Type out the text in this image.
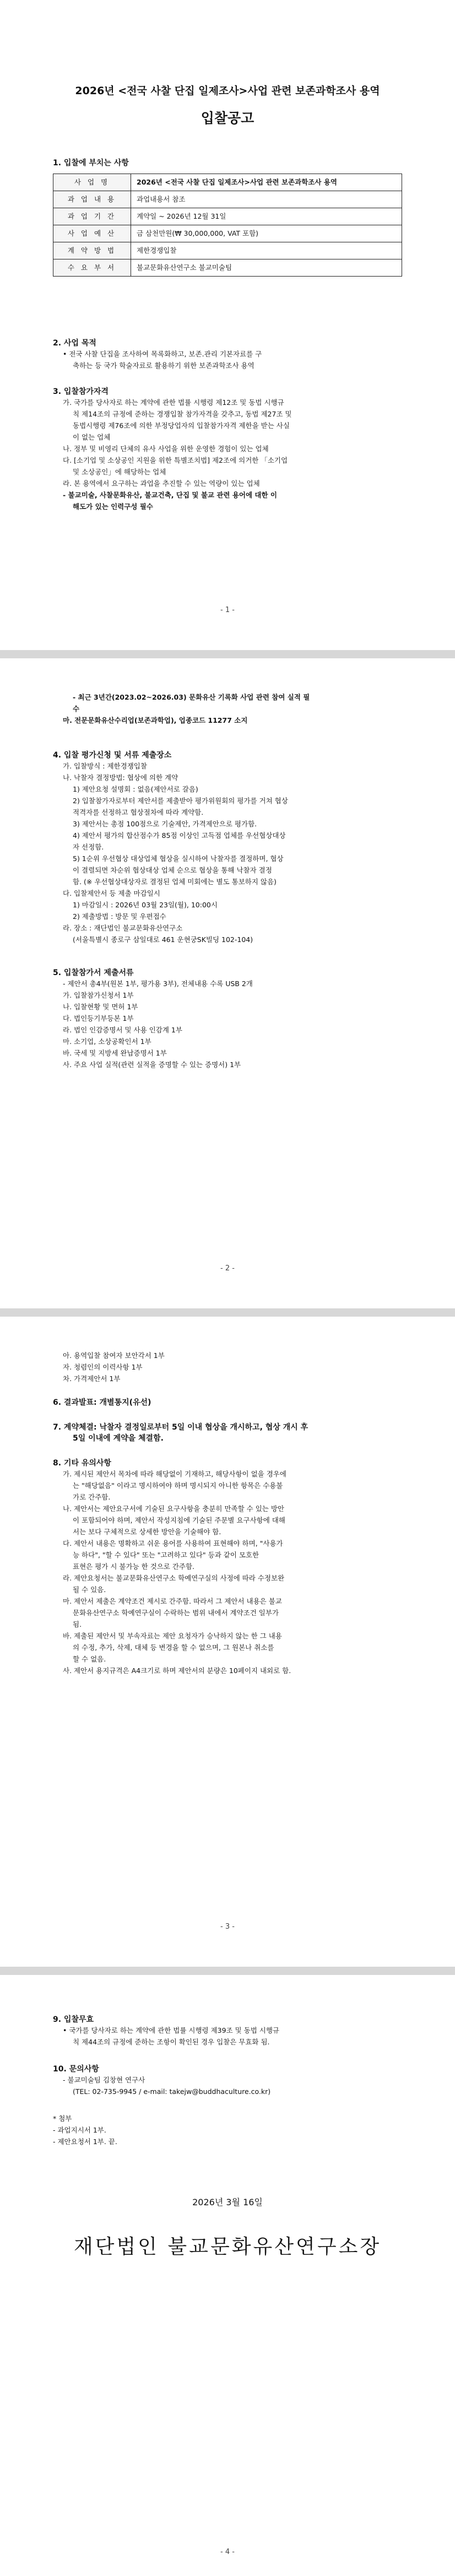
2026년 <전국 사찰 단집 일제조사>사업 관련 보존과학조사 용역
입찰공고

1. 입찰에 부치는 사항

사 업 명	2026년 <전국 사찰 단집 일제조사>사업 관련 보존과학조사 용역
과 업 내 용	과업내용서 참조
과 업 기 간	계약일 ~ 2026년 12월 31일
사 업 예 산	금 삼천만원(₩ 30,000,000, VAT 포함)
계 약 방 법	제한경쟁입찰
수 요 부 서	불교문화유산연구소 불교미술팀

2. 사업 목적

• 전국 사찰 단집을 조사하여 목록화하고, 보존․관리 기본자료를 구

축하는 등 국가 학술자료로 활용하기 위한 보존과학조사 용역

3. 입찰참가자격

가. 국가를 당사자로 하는 계약에 관한 법률 시행령 제12조 및 동법 시행규

칙 제14조의 규정에 준하는 경쟁입찰 참가자격을 갖추고, 동법 제27조 및

동법시행령 제76조에 의한 부정당업자의 입찰참가자격 제한을 받는 사실

이 없는 업체

나. 정부 및 비영리 단체의 유사 사업을 위한 운영한 경험이 있는 업체

다. [소기업 및 소상공인 지원을 위한 특별조치법] 제2조에 의거한 「소기업

및 소상공인」에 해당하는 업체

라. 본 용역에서 요구하는 과업을 추진할 수 있는 역량이 있는 업체

- 불교미술, 사찰문화유산, 불교건축, 단집 및 불교 관련 용어에 대한 이

해도가 있는 인력구성 필수

- 1 -

- 최근 3년간(2023.02~2026.03) 문화유산 기록화 사업 관련 참여 실적 필

수

마. 전문문화유산수리업(보존과학업), 업종코드 11277 소지

4. 입찰 평가신청 및 서류 제출장소

가. 입찰방식 : 제한경쟁입찰

나. 낙찰자 결정방법: 협상에 의한 계약

1) 제안요청 설명회 : 없음(제안서로 갈음)

2) 입찰참가자로부터 제안서를 제출받아 평가위원회의 평가를 거쳐 협상

적격자를 선정하고 협상절차에 따라 계약함.

3) 제안서는 총점 100점으로 기술제안, 가격제안으로 평가함.

4) 제안서 평가의 합산점수가 85점 이상인 고득점 업체를 우선협상대상

자 선정함.

5) 1순위 우선협상 대상업체 협상을 실시하여 낙찰자를 결정하며, 협상

이 결렬되면 차순위 협상대상 업체 순으로 협상을 통해 낙찰자 결정

함. (※ 우선협상대상자로 결정된 업체 미회에는 별도 통보하지 않음)

다. 입찰제안서 등 제출 마감일시

1) 마감일시 : 2026년 03월 23일(월), 10:00시

2) 제출방법 : 방문 및 우편접수

라. 장소 : 재단법인 불교문화유산연구소

(서울특별시 종로구 삼일대로 461 운현궁SK빌딩 102-104)

5. 입찰참가서 제출서류

- 제안서 총4부(원본 1부, 평가용 3부), 전체내용 수록 USB 2개

가. 입찰참가신청서 1부

나. 입찰현황 및 면허 1부

다. 법인등기부등본 1부

라. 법인 인감증명서 및 사용 인감계 1부

마. 소기업, 소상공확인서 1부

바. 국세 및 지방세 완납증명서 1부

사. 주요 사업 실적(관련 실적을 증명할 수 있는 증명서) 1부

- 2 -

아. 용역입찰 참여자 보안각서 1부

자. 청렴인의 이력사항 1부

차. 가격제안서 1부

6. 결과발표: 개별통지(유선)

7. 계약체결: 낙찰자 결정일로부터 5일 이내 협상을 개시하고, 협상 개시 후

5일 이내에 계약을 체결함.

8. 기타 유의사항

가. 제시된 제안서 목차에 따라 해당없이 기재하고, 해당사항이 없을 경우에

는 "해당없음" 이라고 명시하여야 하며 명시되지 아니한 항목은 수용불

가로 간주함.

나. 제안서는 제안요구서에 기술된 요구사항을 충분히 만족할 수 있는 방안

이 포함되어야 하며, 제안서 작성지침에 기술된 주문별 요구사항에 대해

서는 보다 구체적으로 상세한 방안을 기술해야 함.

다. 제안서 내용은 명확하고 쉬운 용어를 사용하여 표현해야 하며, "사용가

능 하다", "할 수 있다" 또는 "고려하고 있다" 등과 같이 모호한

표현은 평가 시 불가능 한 것으로 간주함.

라. 제안요청서는 불교문화유산연구소 학예연구실의 사정에 따라 수정보완

될 수 있음.

마. 제안서 제출은 계약조건 제시로 간주함. 따라서 그 제안서 내용은 불교

문화유산연구소 학예연구실이 수락하는 범위 내에서 계약조건 일부가

됨.

바. 제출된 제안서 및 부속자료는 제안 요청자가 승낙하지 않는 한 그 내용

의 수정, 추가, 삭제, 대체 등 변경을 할 수 없으며, 그 원본나 취소를

할 수 없음.

사. 제안서 용지규격은 A4크기로 하며 제안서의 분량은 10페이지 내외로 함.

- 3 -

9. 입찰무효

• 국가를 당사자로 하는 계약에 관한 법률 시행령 제39조 및 동법 시행규

칙 제44조의 규정에 준하는 조항이 확인된 경우 입찰은 무효화 됨.

10. 문의사항

- 불교미술팀 김창현 연구사

(TEL: 02-735-9945 / e-mail: takejw@buddhaculture.co.kr)

* 첨부

- 과업지시서 1부.

- 제안요청서 1부. 끝.

2026년 3월 16일
재단법인 불교문화유산연구소장
- 4 -
